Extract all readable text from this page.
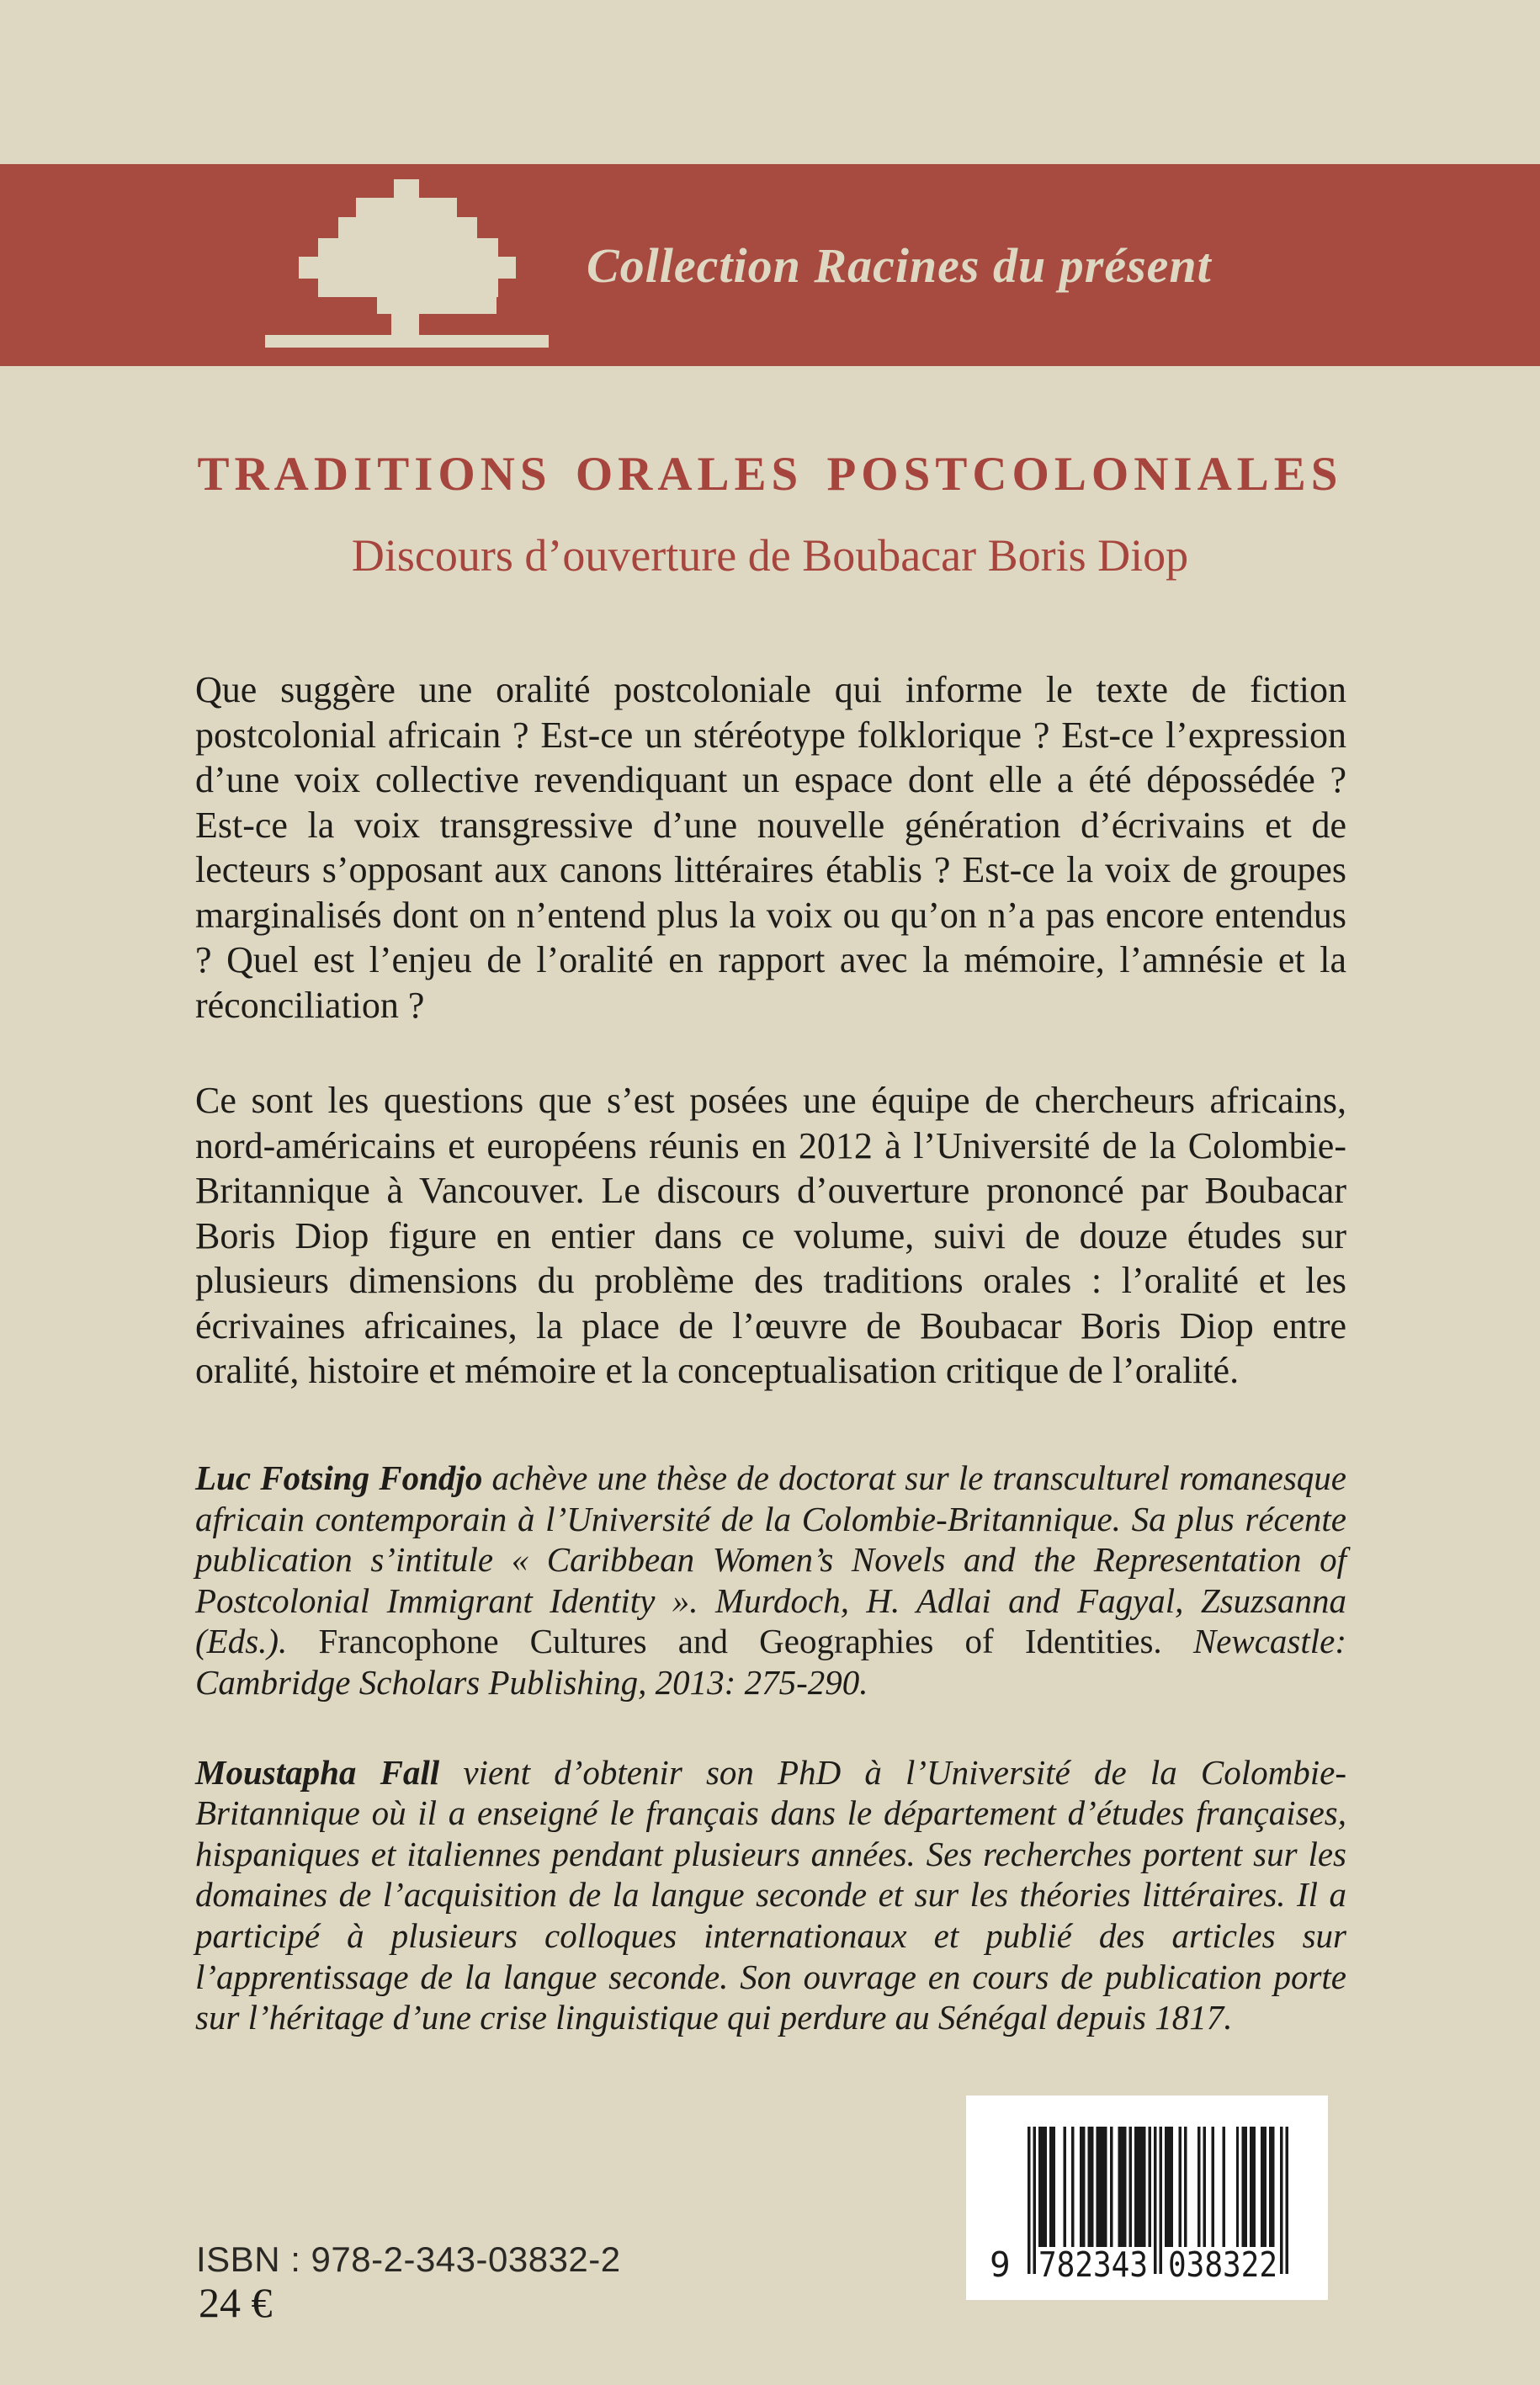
Collection Racines du présent
TRADITIONS ORALES POSTCOLONIALES
Discours d’ouverture de Boubacar Boris Diop

Que suggère une oralité postcoloniale qui informe le texte de fiction postcolonial africain ? Est-ce un stéréotype folklorique ? Est-ce l’expression d’une voix collective revendiquant un espace dont elle a été dépossédée ? Est-ce la voix transgressive d’une nouvelle génération d’écrivains et de lecteurs s’opposant aux canons littéraires établis ? Est-ce la voix de groupes marginalisés dont on n’entend plus la voix ou qu’on n’a pas encore entendus ? Quel est l’enjeu de l’oralité en rapport avec la mémoire, l’amnésie et la réconciliation ?

Ce sont les questions que s’est posées une équipe de chercheurs africains, nord-américains et européens réunis en 2012 à l’Université de la Colombie-Britannique à Vancouver. Le discours d’ouverture prononcé par Boubacar Boris Diop figure en entier dans ce volume, suivi de douze études sur plusieurs dimensions du problème des traditions orales : l’oralité et les écrivaines africaines, la place de l’œuvre de Boubacar Boris Diop entre oralité, histoire et mémoire et la conceptualisation critique de l’oralité.

Luc Fotsing Fondjo achève une thèse de doctorat sur le transculturel romanesque africain contemporain à l’Université de la Colombie-Britannique. Sa plus récente publication s’intitule « Caribbean Women’s Novels and the Representation of Postcolonial Immigrant Identity ». Murdoch, H. Adlai and Fagyal, Zsuzsanna (Eds.). Francophone Cultures and Geographies of Identities. Newcastle: Cambridge Scholars Publishing, 2013: 275-290.

Moustapha Fall vient d’obtenir son PhD à l’Université de la Colombie-Britannique où il a enseigné le français dans le département d’études françaises, hispaniques et italiennes pendant plusieurs années. Ses recherches portent sur les domaines de l’acquisition de la langue seconde et sur les théories littéraires. Il a participé à plusieurs colloques internationaux et publié des articles sur l’apprentissage de la langue seconde. Son ouvrage en cours de publication porte sur l’héritage d’une crise linguistique qui perdure au Sénégal depuis 1817.

ISBN : 978-2-343-03832-2
24 €
9 782343 038322
